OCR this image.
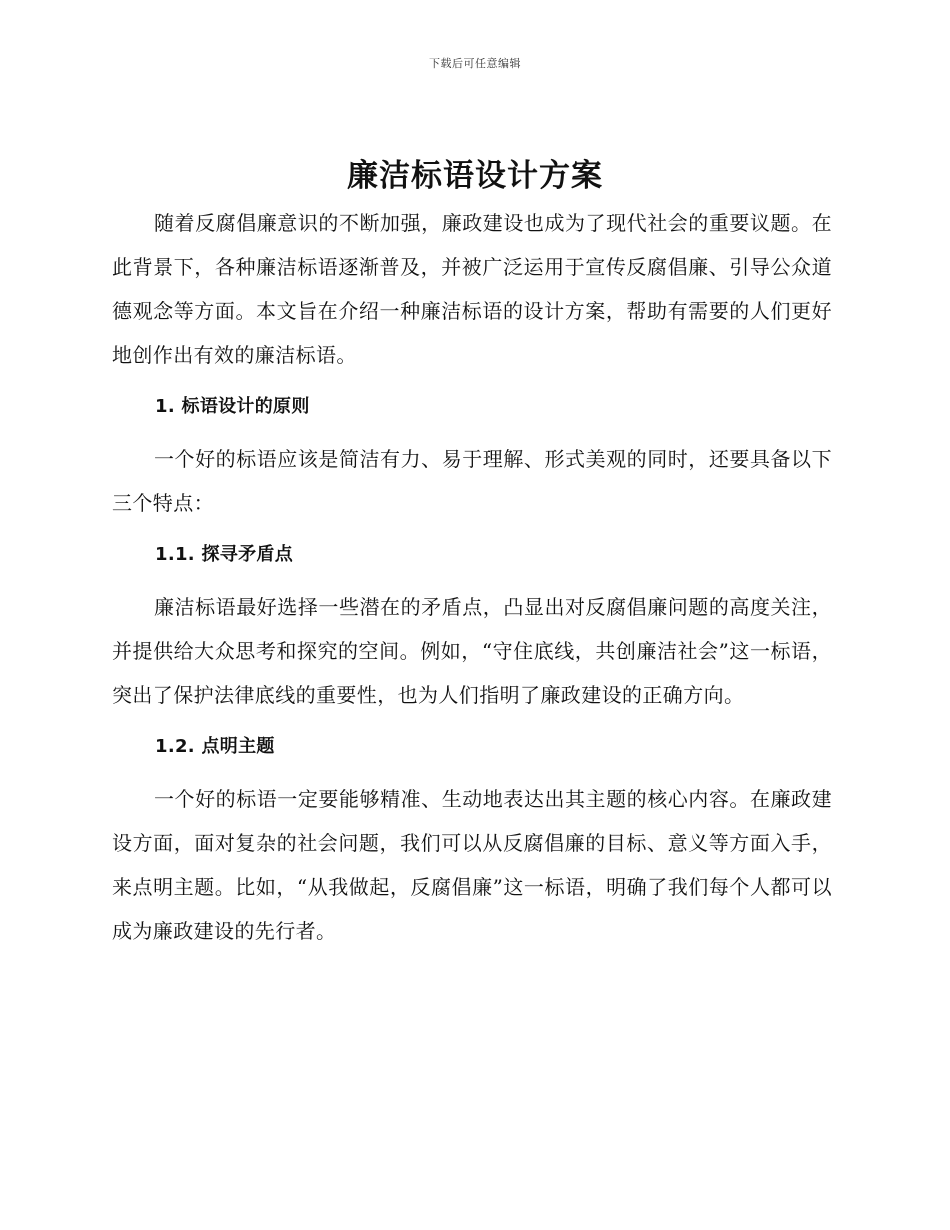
下载后可任意编辑
廉洁标语设计方案

随着反腐倡廉意识的不断加强，廉政建设也成为了现代社会的重要议题。在此背景下，各种廉洁标语逐渐普及，并被广泛运用于宣传反腐倡廉、引导公众道德观念等方面。本文旨在介绍一种廉洁标语的设计方案，帮助有需要的人们更好地创作出有效的廉洁标语。

1. 标语设计的原则

一个好的标语应该是简洁有力、易于理解、形式美观的同时，还要具备以下三个特点：

1.1. 探寻矛盾点

廉洁标语最好选择一些潜在的矛盾点，凸显出对反腐倡廉问题的高度关注，并提供给大众思考和探究的空间。例如，“守住底线，共创廉洁社会”这一标语，突出了保护法律底线的重要性，也为人们指明了廉政建设的正确方向。

1.2. 点明主题

一个好的标语一定要能够精准、生动地表达出其主题的核心内容。在廉政建设方面，面对复杂的社会问题，我们可以从反腐倡廉的目标、意义等方面入手，来点明主题。比如，“从我做起，反腐倡廉”这一标语，明确了我们每个人都可以成为廉政建设的先行者。
